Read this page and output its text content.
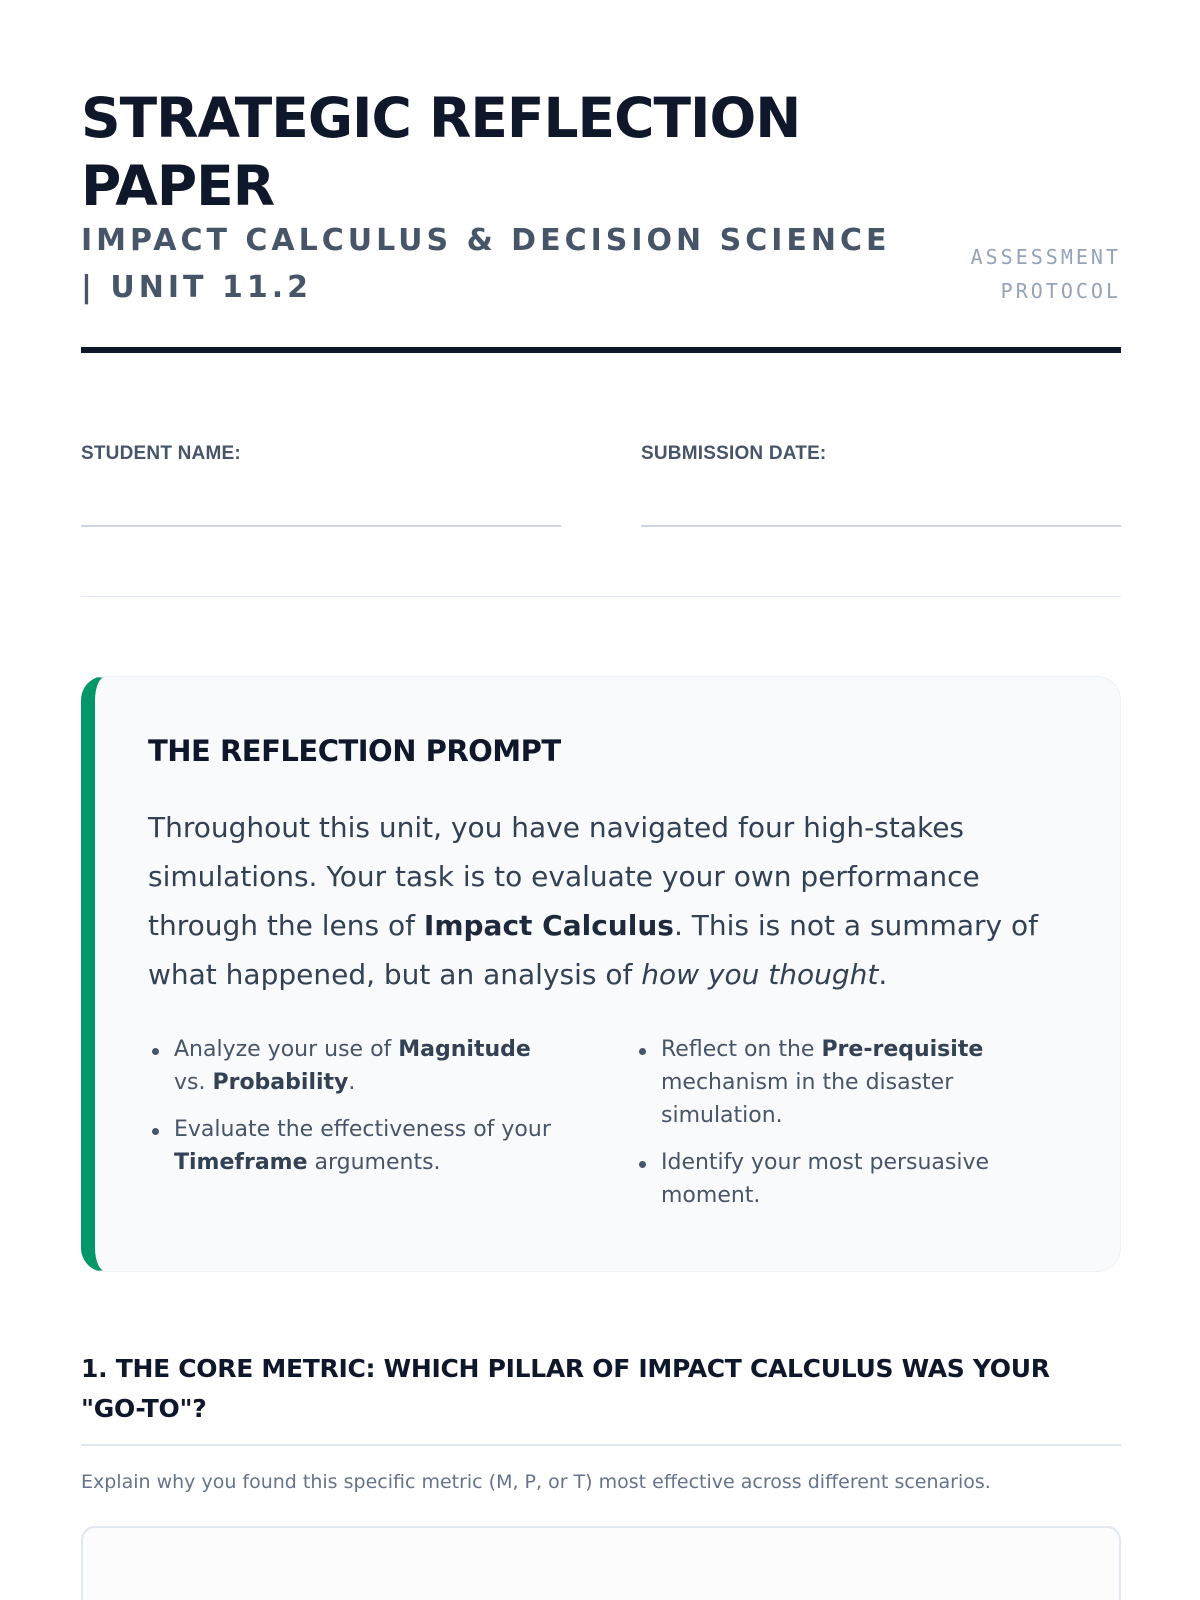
STRATEGIC REFLECTION PAPER
IMPACT CALCULUS & DECISION SCIENCE | UNIT 11.2
ASSESSMENT
PROTOCOL
STUDENT NAME:	SUBMISSION DATE:
THE REFLECTION PROMPT

Throughout this unit, you have navigated four high-stakes simulations. Your task is to evaluate your own performance through the lens of Impact Calculus. This is not a summary of what happened, but an analysis of how you thought.

Analyze your use of Magnitude vs. Probability.
Evaluate the effectiveness of your Timeframe arguments.
Reflect on the Pre-requisite mechanism in the disaster simulation.
Identify your most persuasive moment.
1. THE CORE METRIC: WHICH PILLAR OF IMPACT CALCULUS WAS YOUR "GO-TO"?

Explain why you found this specific metric (M, P, or T) most effective across different scenarios.
